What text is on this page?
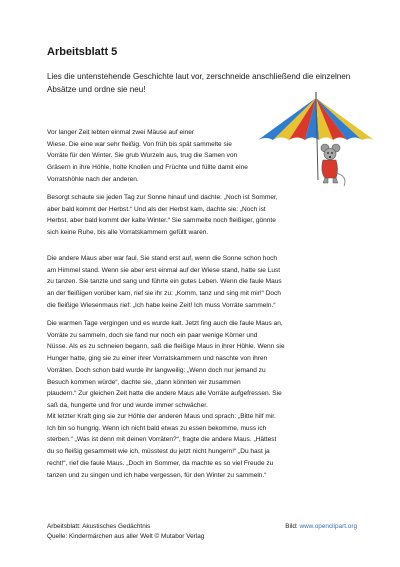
Arbeitsblatt 5
Lies die untenstehende Geschichte laut vor, zerschneide anschließend die einzelnen Absätze und ordne sie neu!
Vor langer Zeit lebten einmal zwei Mäuse auf einer
Wiese. Die eine war sehr fleißig. Von früh bis spät sammelte sie
Vorräte für den Winter. Sie grub Wurzeln aus, trug die Samen von
Gräsern in ihre Höhle, holte Knollen und Früchte und füllte damit eine
Vorratshöhle nach der anderen.
Besorgt schaute sie jeden Tag zur Sonne hinauf und dachte: „Noch ist Sommer,
aber bald kommt der Herbst.“ Und als der Herbst kam, dachte sie: „Noch ist
Herbst, aber bald kommt der kalte Winter.“ Sie sammelte noch fleißiger, gönnte
sich keine Ruhe, bis alle Vorratskammern gefüllt waren.
Die andere Maus aber war faul. Sie stand erst auf, wenn die Sonne schon hoch
am Himmel stand. Wenn sie aber erst einmal auf der Wiese stand, hatte sie Lust
zu tanzen. Sie tanzte und sang und führte ein gutes Leben. Wenn die faule Maus
an der fleißigen vorüber kam, rief sie ihr zu: „Komm, tanz und sing mit mir!“ Doch
die fleißige Wiesenmaus rief: „Ich habe keine Zeit! Ich muss Vorräte sammeln.“
Die warmen Tage vergingen und es wurde kalt. Jetzt fing auch die faule Maus an,
Vorräte zu sammeln, doch sie fand nur noch ein paar wenige Körner und
Nüsse. Als es zu schneien begann, saß die fleißige Maus in ihrer Höhle. Wenn sie
Hunger hatte, ging sie zu einer ihrer Vorratskammern und naschte von ihren
Vorräten. Doch schon bald wurde ihr langweilig: „Wenn doch nur jemand zu
Besuch kommen würde“, dachte sie, „dann könnten wir zusammen
plaudern.“ Zur gleichen Zeit hatte die andere Maus alle Vorräte aufgefressen. Sie
saß da, hungerte und fror und wurde immer schwächer.
Mit letzter Kraft ging sie zur Höhle der anderen Maus und sprach: „Bitte hilf mir.
Ich bin so hungrig. Wenn ich nicht bald etwas zu essen bekomme, muss ich
sterben.“ „Was ist denn mit deinen Vorräten?“, fragte die andere Maus. „Hättest
du so fleißig gesammelt wie ich, müsstest du jetzt nicht hungern!“ „Du hast ja
recht!“, rief die faule Maus. „Doch im Sommer, da machte es so viel Freude zu
tanzen und zu singen und ich habe vergessen, für den Winter zu sammeln.“
Arbeitsblatt: Akustisches Gedächtnis
Quelle: Kindermärchen aus aller Welt © Mutabor Verlag
Bild: www.openclipart.org
